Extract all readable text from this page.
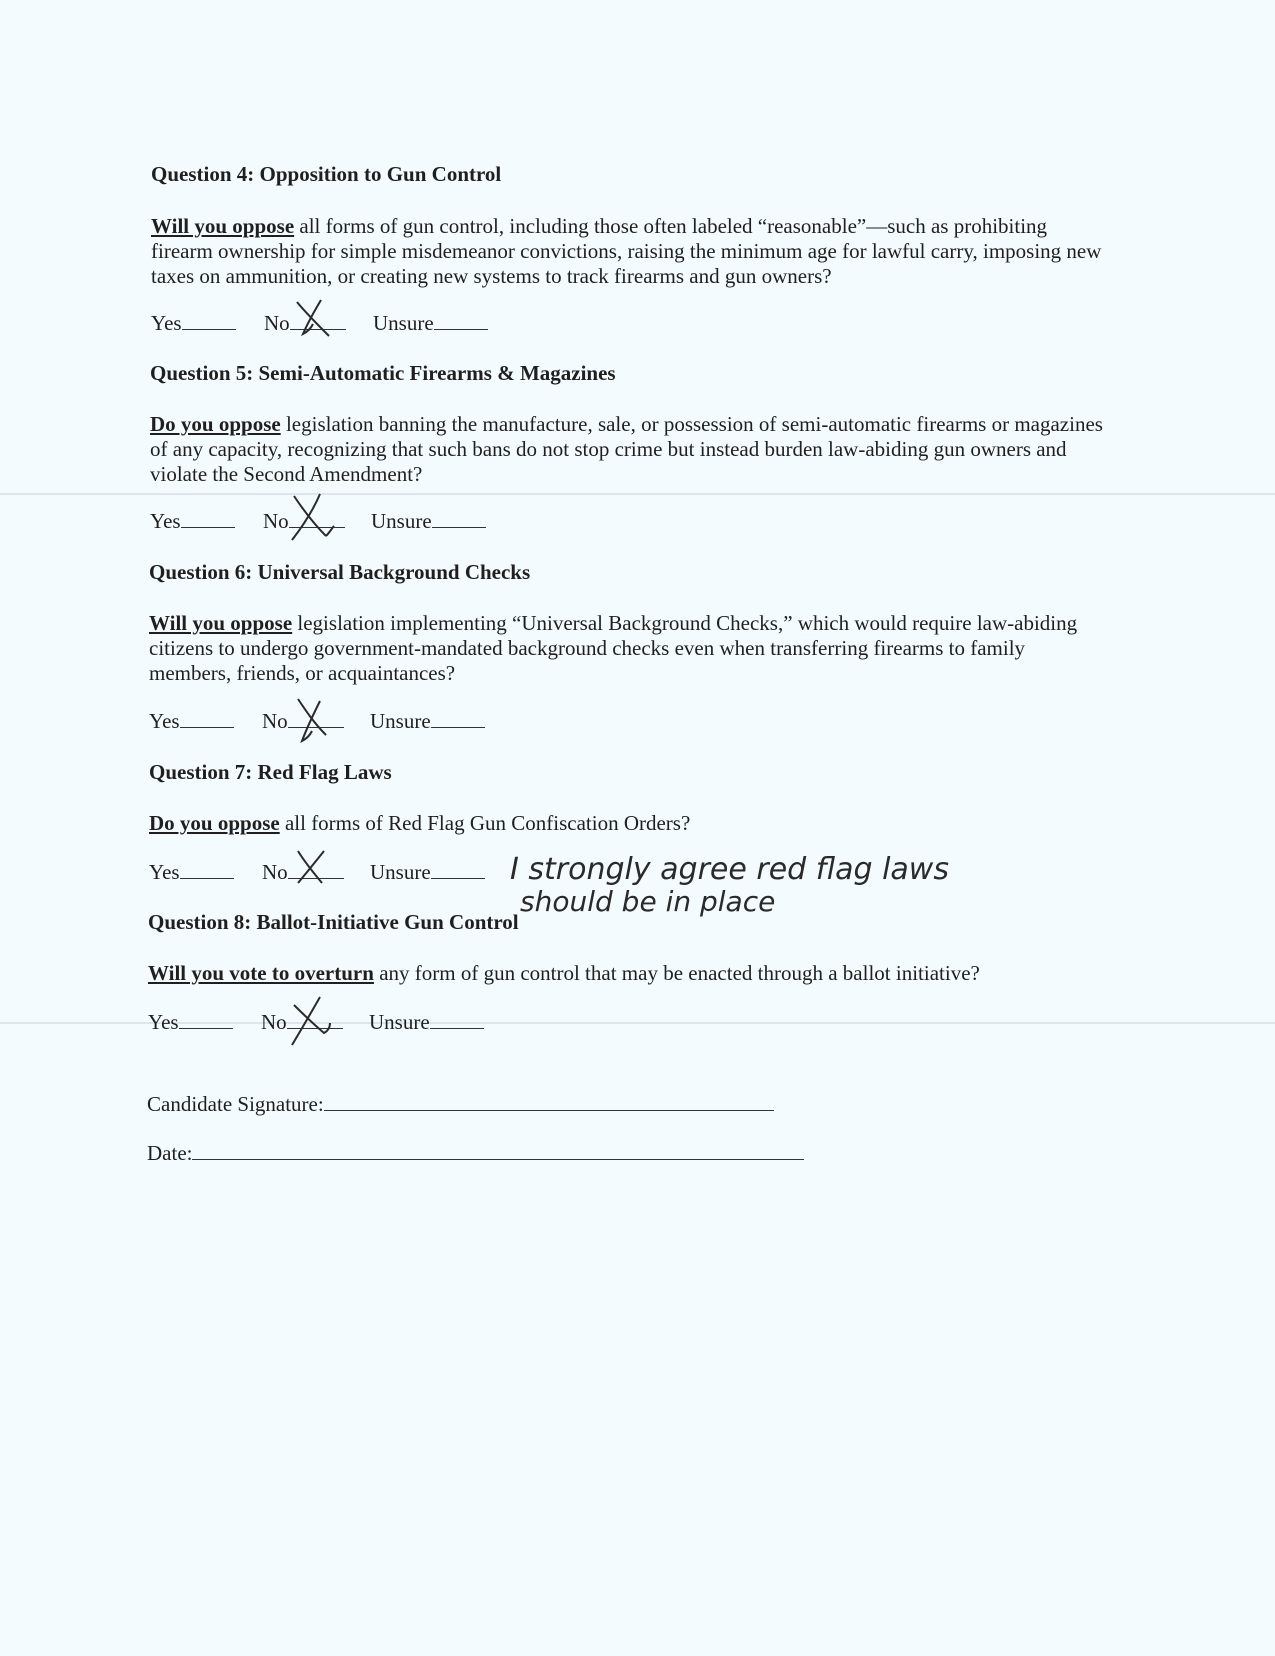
Question 4: Opposition to Gun Control
Will you oppose all forms of gun control, including those often labeled “reasonable”—such as prohibiting firearm ownership for simple misdemeanor convictions, raising the minimum age for lawful carry, imposing new taxes on ammunition, or creating new systems to track firearms and gun owners?
Yes	No	Unsure
Question 5: Semi-Automatic Firearms & Magazines
Do you oppose legislation banning the manufacture, sale, or possession of semi-automatic firearms or magazines of any capacity, recognizing that such bans do not stop crime but instead burden law-abiding gun owners and violate the Second Amendment?
Yes	No	Unsure
Question 6: Universal Background Checks
Will you oppose legislation implementing “Universal Background Checks,” which would require law-abiding citizens to undergo government-mandated background checks even when transferring firearms to family members, friends, or acquaintances?
Yes	No	Unsure
Question 7: Red Flag Laws
Do you oppose all forms of Red Flag Gun Confiscation Orders?
Yes	No	Unsure	I strongly agree red flag laws
should be in place
Question 8: Ballot-Initiative Gun Control
Will you vote to overturn any form of gun control that may be enacted through a ballot initiative?
Yes	No	Unsure
Candidate Signature:
Date:
